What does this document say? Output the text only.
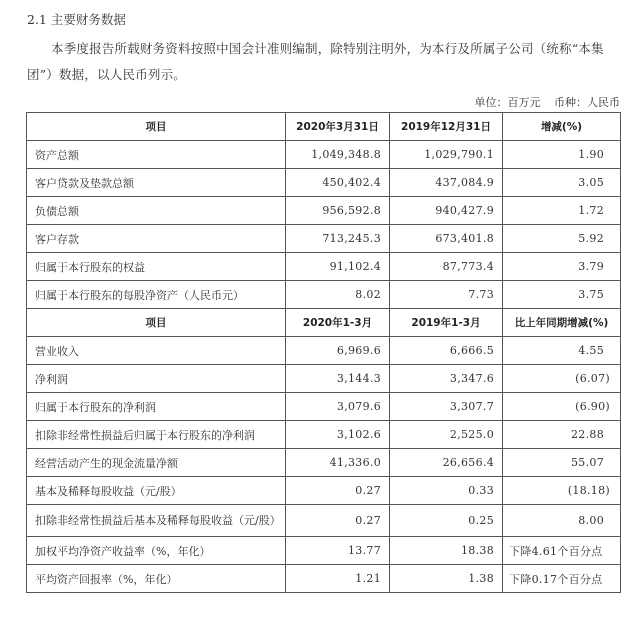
2.1 主要财务数据
本季度报告所载财务资料按照中国会计准则编制，除特别注明外，为本行及所属子公司（统称“本集团”）数据，以人民币列示。
单位：百万元 币种：人民币
项目	2020年3月31日	2019年12月31日	增减(%)
资产总额	1,049,348.8	1,029,790.1	1.90
客户贷款及垫款总额	450,402.4	437,084.9	3.05
负债总额	956,592.8	940,427.9	1.72
客户存款	713,245.3	673,401.8	5.92
归属于本行股东的权益	91,102.4	87,773.4	3.79
归属于本行股东的每股净资产（人民币元）	8.02	7.73	3.75
项目	2020年1-3月	2019年1-3月	比上年同期增减(%)
营业收入	6,969.6	6,666.5	4.55
净利润	3,144.3	3,347.6	(6.07)
归属于本行股东的净利润	3,079.6	3,307.7	(6.90)
扣除非经常性损益后归属于本行股东的净利润	3,102.6	2,525.0	22.88
经营活动产生的现金流量净额	41,336.0	26,656.4	55.07
基本及稀释每股收益（元/股）	0.27	0.33	(18.18)
扣除非经常性损益后基本及稀释每股收益（元/股）	0.27	0.25	8.00
加权平均净资产收益率（%，年化）	13.77	18.38	下降4.61个百分点
平均资产回报率（%，年化）	1.21	1.38	下降0.17个百分点
